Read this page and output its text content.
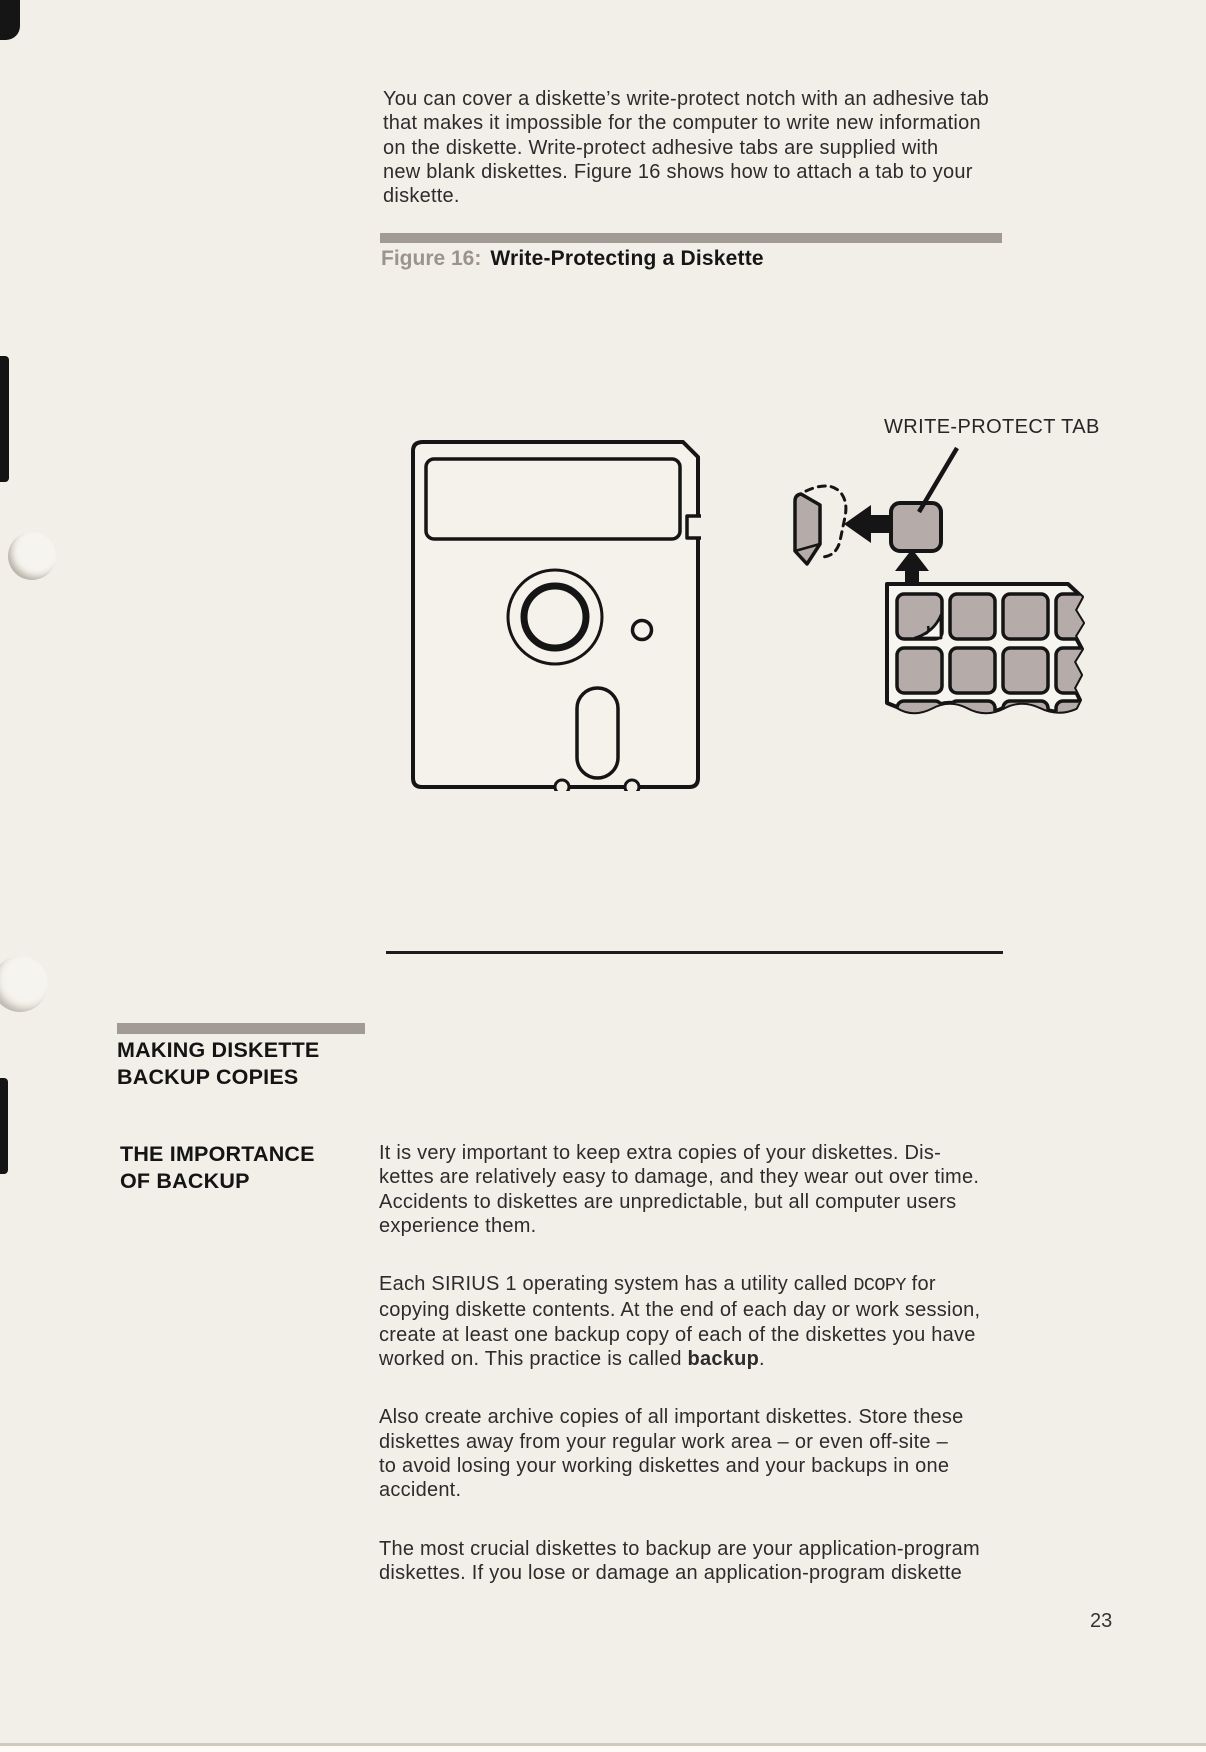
You can cover a diskette’s write-protect notch with an adhesive tab
that makes it impossible for the computer to write new information
on the diskette. Write-protect adhesive tabs are supplied with
new blank diskettes. Figure 16 shows how to attach a tab to your
diskette.
Figure 16: Write-Protecting a Diskette
WRITE-PROTECT TAB
MAKING DISKETTE
BACKUP COPIES
THE IMPORTANCE
OF BACKUP
It is very important to keep extra copies of your diskettes. Dis-
kettes are relatively easy to damage, and they wear out over time.
Accidents to diskettes are unpredictable, but all computer users
experience them.
Each SIRIUS 1 operating system has a utility called DCOPY for
copying diskette contents. At the end of each day or work session,
create at least one backup copy of each of the diskettes you have
worked on. This practice is called backup.
Also create archive copies of all important diskettes. Store these
diskettes away from your regular work area – or even off-site –
to avoid losing your working diskettes and your backups in one
accident.
The most crucial diskettes to backup are your application-program
diskettes. If you lose or damage an application-program diskette
23
